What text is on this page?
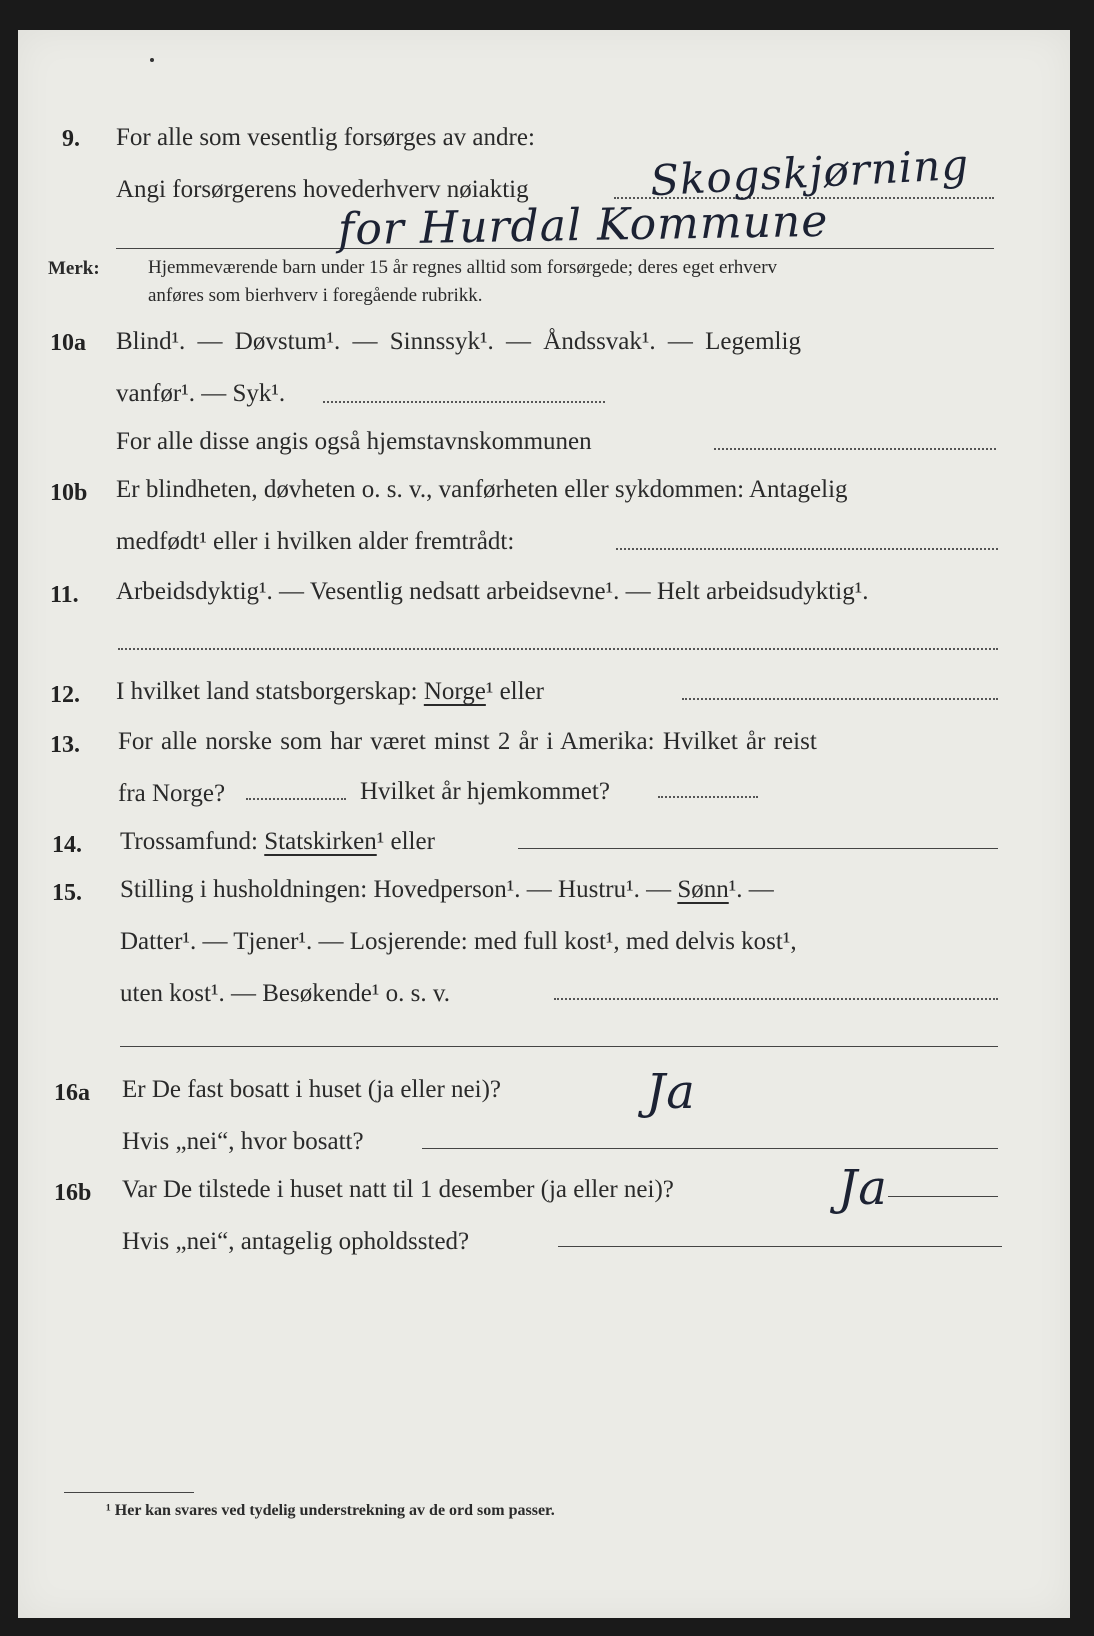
9. For alle som vesentlig forsørges av andre:
Angi forsørgerens hovederhverv nøiaktig	Skogskjørning
for Hurdal Kommune
Merk:	Hjemmeværende barn under 15 år regnes alltid som forsørgede; deres eget erhverv
anføres som bierhverv i foregående rubrikk.
10a Blind¹. — Døvstum¹. — Sinnssyk¹. — Åndssvak¹. — Legemlig
vanfør¹. — Syk¹.
For alle disse angis også hjemstavnskommunen
10b Er blindheten, døvheten o. s. v., vanførheten eller sykdommen: Antagelig
medfødt¹ eller i hvilken alder fremtrådt:
11. Arbeidsdyktig¹. — Vesentlig nedsatt arbeidsevne¹. — Helt arbeidsudyktig¹.
12. I hvilket land statsborgerskap: Norge¹ eller
13. For alle norske som har været minst 2 år i Amerika: Hvilket år reist
fra Norge?	Hvilket år hjemkommet?
14. Trossamfund: Statskirken¹ eller
15. Stilling i husholdningen: Hovedperson¹. — Hustru¹. — Sønn¹. —
Datter¹. — Tjener¹. — Losjerende: med full kost¹, med delvis kost¹,
uten kost¹. — Besøkende¹ o. s. v.
16a Er De fast bosatt i huset (ja eller nei)?	Ja
Hvis „nei“, hvor bosatt?
16b Var De tilstede i huset natt til 1 desember (ja eller nei)?	Ja
Hvis „nei“, antagelig opholdssted?
¹ Her kan svares ved tydelig understrekning av de ord som passer.
